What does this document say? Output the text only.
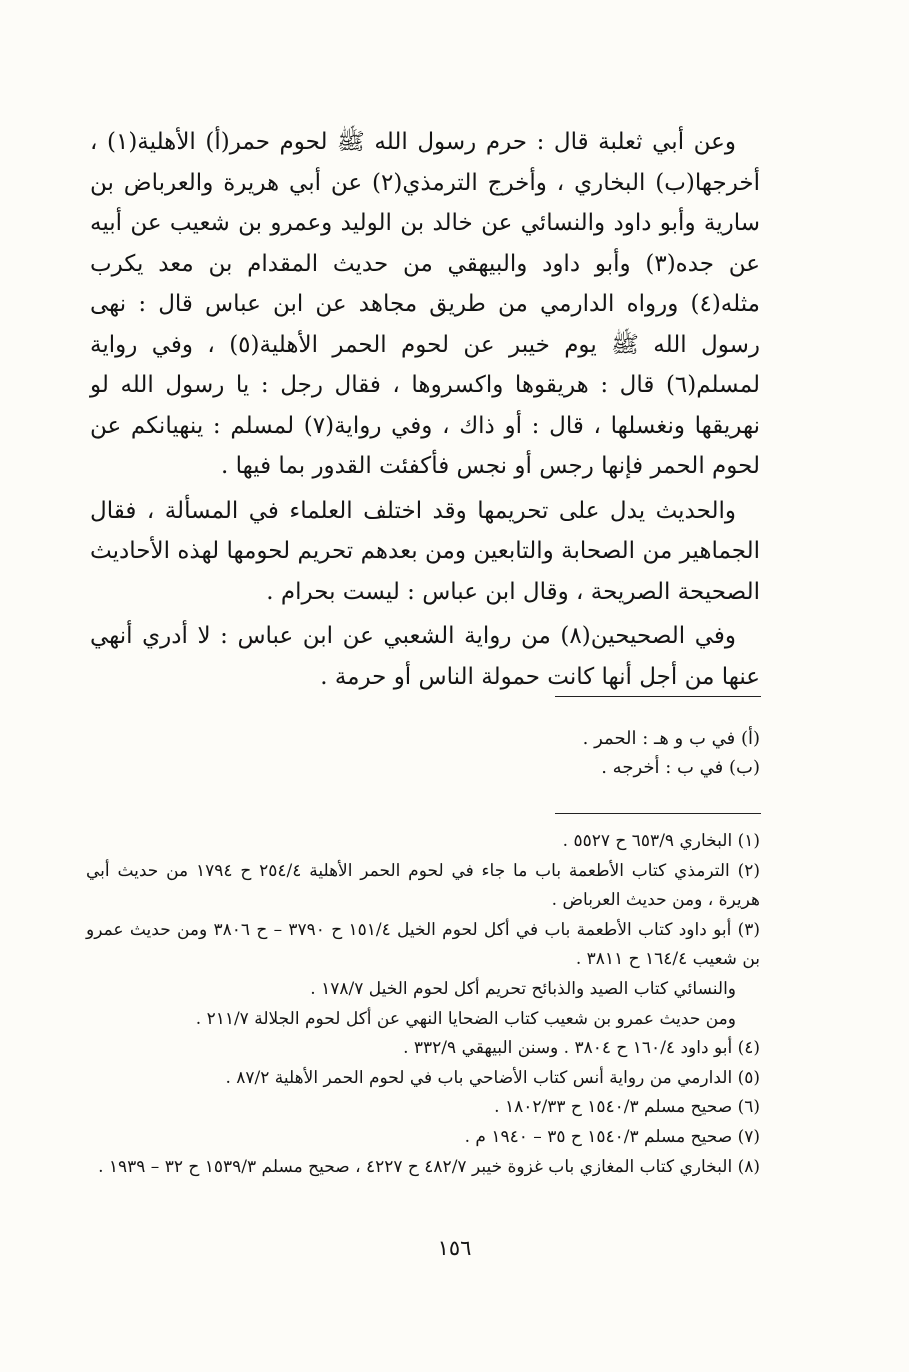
وعن أبي ثعلبة قال : حرم رسول الله ﷺ لحوم حمر(أ) الأهلية(١) ، أخرجها(ب) البخاري ، وأخرج الترمذي(٢) عن أبي هريرة والعرباض بن سارية وأبو داود والنسائي عن خالد بن الوليد وعمرو بن شعيب عن أبيه عن جده(٣) وأبو داود والبيهقي من حديث المقدام بن معد يكرب مثله(٤) ورواه الدارمي من طريق مجاهد عن ابن عباس قال : نهى رسول الله ﷺ يوم خيبر عن لحوم الحمر الأهلية(٥) ، وفي رواية لمسلم(٦) قال : هريقوها واكسروها ، فقال رجل : يا رسول الله لو نهريقها ونغسلها ، قال : أو ذاك ، وفي رواية(٧) لمسلم : ينهيانكم عن لحوم الحمر فإنها رجس أو نجس فأكفئت القدور بما فيها .

والحديث يدل على تحريمها وقد اختلف العلماء في المسألة ، فقال الجماهير من الصحابة والتابعين ومن بعدهم تحريم لحومها لهذه الأحاديث الصحيحة الصريحة ، وقال ابن عباس : ليست بحرام .

وفي الصحيحين(٨) من رواية الشعبي عن ابن عباس : لا أدري أنهي عنها من أجل أنها كانت حمولة الناس أو حرمة .

(أ) في ب و هـ : الحمر .
(ب) في ب : أخرجه .
(١) البخاري ٦٥٣/٩ ح ٥٥٢٧ .
(٢) الترمذي كتاب الأطعمة باب ما جاء في لحوم الحمر الأهلية ٢٥٤/٤ ح ١٧٩٤ من حديث أبي هريرة ، ومن حديث العرباض .
(٣) أبو داود كتاب الأطعمة باب في أكل لحوم الخيل ١٥١/٤ ح ٣٧٩٠ – ح ٣٨٠٦ ومن حديث عمرو بن شعيب ١٦٤/٤ ح ٣٨١١ .
والنسائي كتاب الصيد والذبائح تحريم أكل لحوم الخيل ١٧٨/٧ .
ومن حديث عمرو بن شعيب كتاب الضحايا النهي عن أكل لحوم الجلالة ٢١١/٧ .
(٤) أبو داود ١٦٠/٤ ح ٣٨٠٤ . وسنن البيهقي ٣٣٢/٩ .
(٥) الدارمي من رواية أنس كتاب الأضاحي باب في لحوم الحمر الأهلية ٨٧/٢ .
(٦) صحيح مسلم ١٥٤٠/٣ ح ١٨٠٢/٣٣ .
(٧) صحيح مسلم ١٥٤٠/٣ ح ٣٥ – ١٩٤٠ م .
(٨) البخاري كتاب المغازي باب غزوة خيبر ٤٨٢/٧ ح ٤٢٢٧ ، صحيح مسلم ١٥٣٩/٣ ح ٣٢ – ١٩٣٩ .
١٥٦
